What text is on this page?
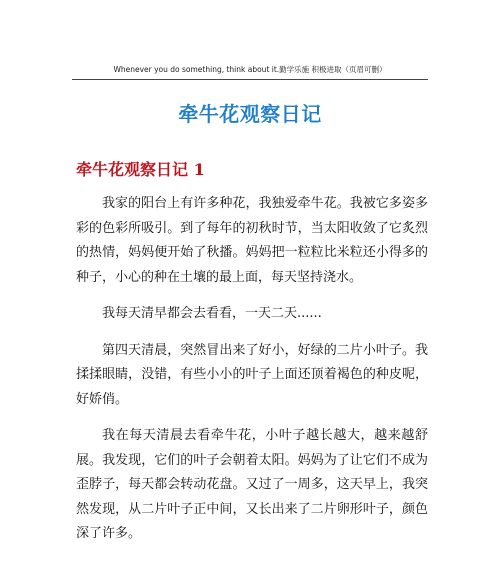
Whenever you do something, think about it.勤学乐施 积极进取（页眉可删）
牵牛花观察日记
牵牛花观察日记 1

我家的阳台上有许多种花，我独爱牵牛花。我被它多姿多彩的色彩所吸引。到了每年的初秋时节，当太阳收敛了它炙烈的热情，妈妈便开始了秋播。妈妈把一粒粒比米粒还小得多的种子，小心的种在土壤的最上面，每天坚持浇水。

我每天清早都会去看看，一天二天......

第四天清晨，突然冒出来了好小，好绿的二片小叶子。我揉揉眼睛，没错，有些小小的叶子上面还顶着褐色的种皮呢，好娇俏。

我在每天清晨去看牵牛花，小叶子越长越大，越来越舒展。我发现，它们的叶子会朝着太阳。妈妈为了让它们不成为歪脖子，每天都会转动花盘。又过了一周多，这天早上，我突然发现，从二片叶子正中间，又长出来了二片卵形叶子，颜色深了许多。
